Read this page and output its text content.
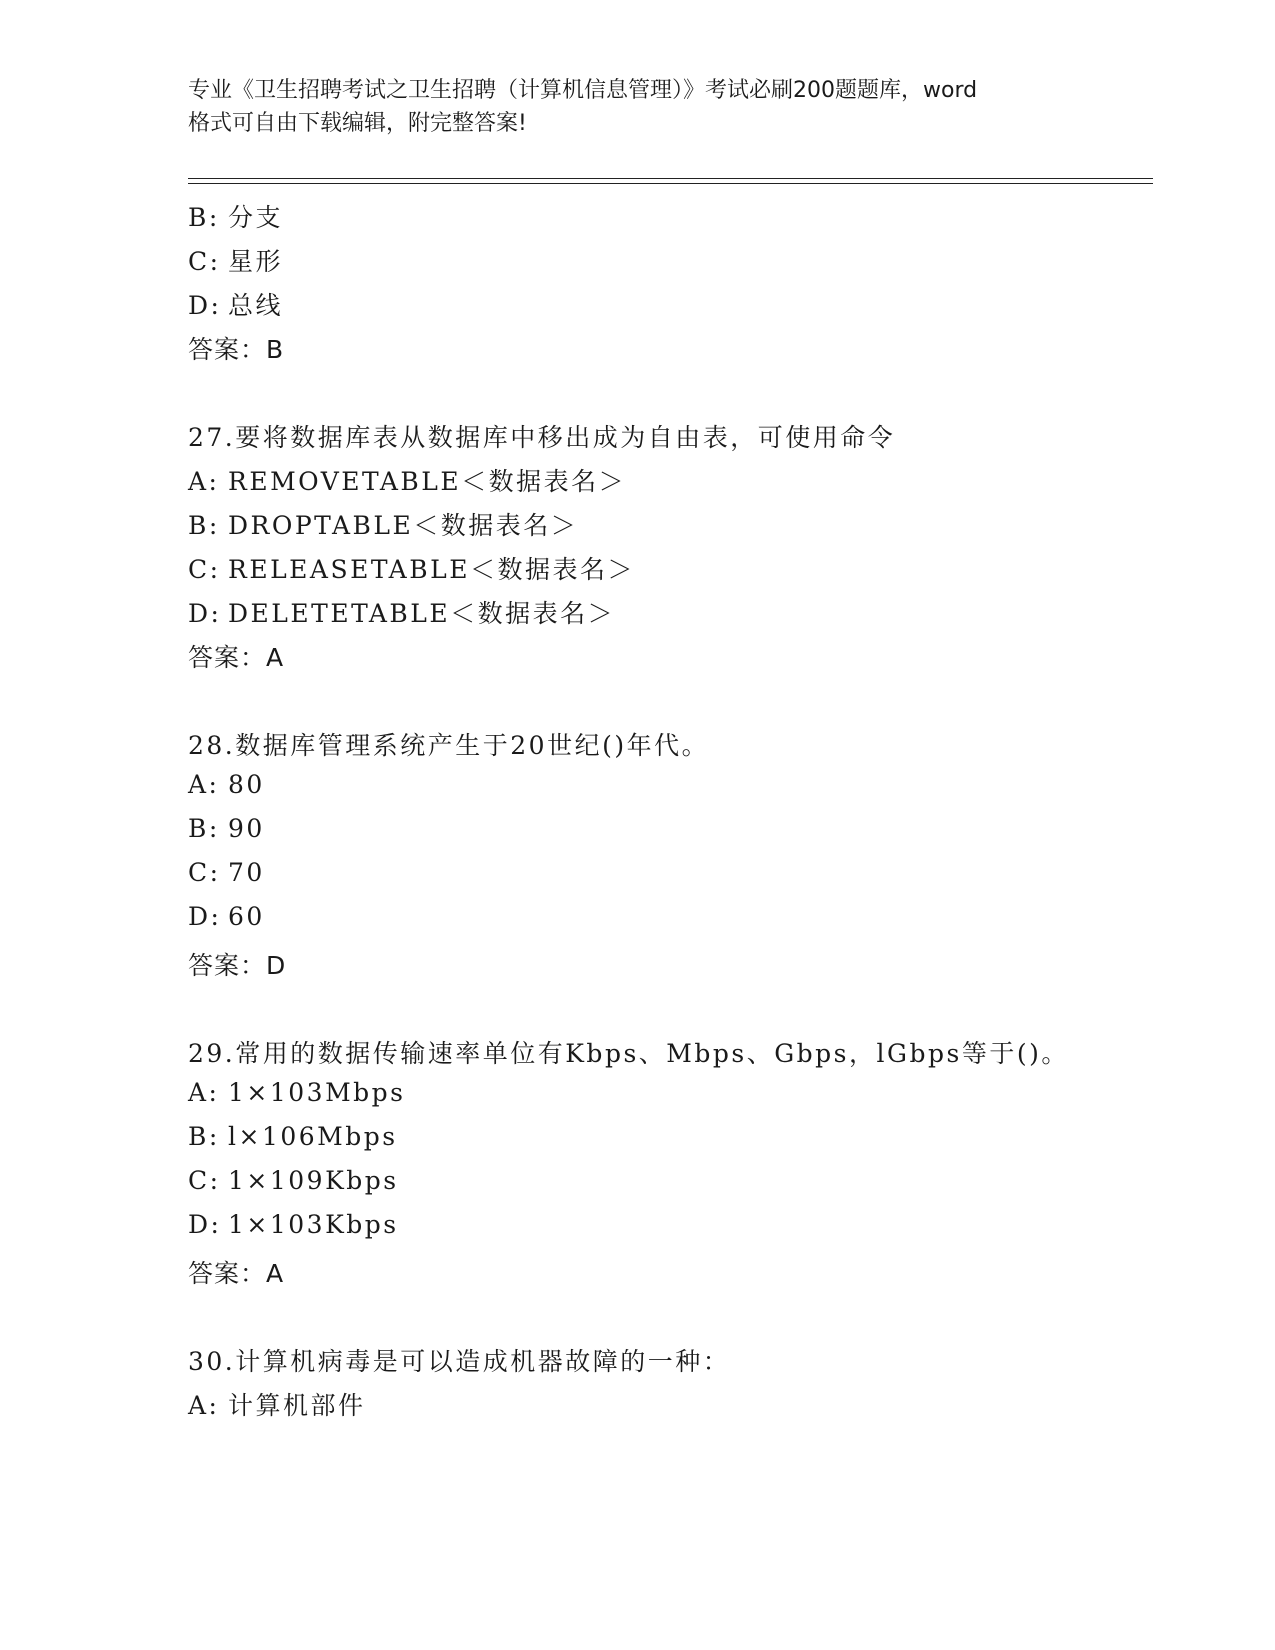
专业《卫生招聘考试之卫生招聘（计算机信息管理）》考试必刷200题题库，word
格式可自由下载编辑，附完整答案!
B: 分支
C: 星形
D: 总线
答案：B
27.要将数据库表从数据库中移出成为自由表，可使用命令
A: REMOVETABLE＜数据表名＞
B: DROPTABLE＜数据表名＞
C: RELEASETABLE＜数据表名＞
D: DELETETABLE＜数据表名＞
答案：A
28.数据库管理系统产生于20世纪()年代。
A: 80
B: 90
C: 70
D: 60
答案：D
29.常用的数据传输速率单位有Kbps、Mbps、Gbps，lGbps等于()。
A: 1×103Mbps
B: l×106Mbps
C: 1×109Kbps
D: 1×103Kbps
答案：A
30.计算机病毒是可以造成机器故障的一种：
A: 计算机部件
